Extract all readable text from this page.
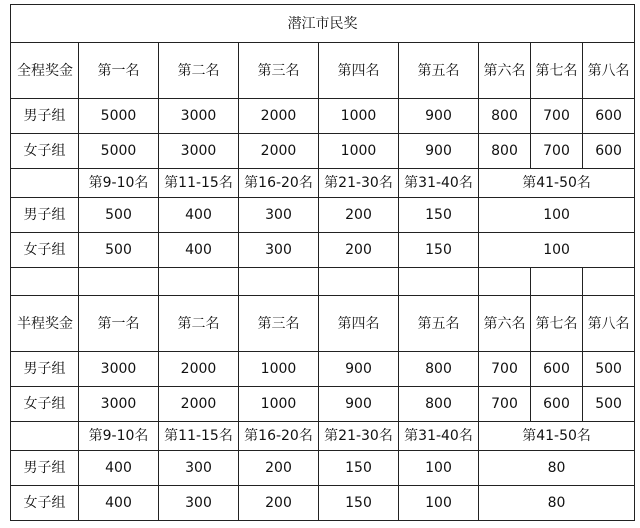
潜江市民奖								
全程奖金	第一名	第二名	第三名	第四名	第五名	第六名	第七名	第八名
男子组	5000	3000	2000	1000	900	800	700	600
女子组	5000	3000	2000	1000	900	800	700	600
	第9-10名	第11-15名	第16-20名	第21-30名	第31-40名	第41-50名		
男子组	500	400	300	200	150	100		
女子组	500	400	300	200	150	100		

半程奖金	第一名	第二名	第三名	第四名	第五名	第六名	第七名	第八名
男子组	3000	2000	1000	900	800	700	600	500
女子组	3000	2000	1000	900	800	700	600	500
	第9-10名	第11-15名	第16-20名	第21-30名	第31-40名	第41-50名		
男子组	400	300	200	150	100	80		
女子组	400	300	200	150	100	80		
